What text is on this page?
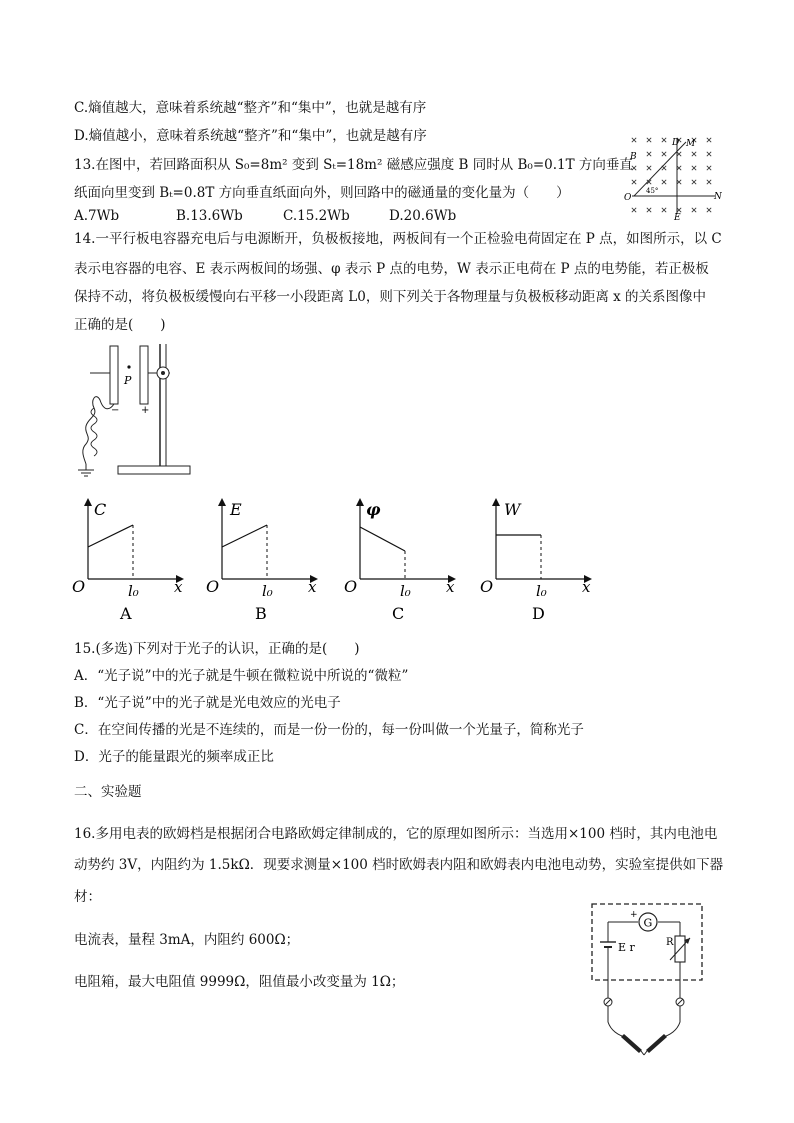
C.熵值越大，意味着系统越“整齐”和“集中”，也就是越有序
D.熵值越小，意味着系统越“整齐”和“集中”，也就是越有序
13.在图中，若回路面积从 S₀=8m² 变到 Sₜ=18m² 磁感应强度 B 同时从 B₀=0.1T 方向垂直
纸面向里变到 Bₜ=0.8T 方向垂直纸面向外，则回路中的磁通量的变化量为（　　）
A.7Wb	B.13.6Wb	C.15.2Wb	D.20.6Wb
B
D M
O	N
E
45°
14.一平行板电容器充电后与电源断开，负极板接地，两板间有一个正检验电荷固定在 P 点，如图所示，以 C
表示电容器的电容、E 表示两板间的场强、φ 表示 P 点的电势，W 表示正电荷在 P 点的电势能，若正极板
保持不动，将负极板缓慢向右平移一小段距离 L0，则下列关于各物理量与负极板移动距离 x 的关系图像中
正确的是(　　)
P
− +
C
O	l₀ x
A
E
O	l₀ x
B
φ
O	l₀ x
C
W
O	l₀ x
D
15.(多选)下列对于光子的认识，正确的是(　　)
A．“光子说”中的光子就是牛顿在微粒说中所说的“微粒”
B．“光子说”中的光子就是光电效应的光电子
C．在空间传播的光是不连续的，而是一份一份的，每一份叫做一个光量子，简称光子
D．光子的能量跟光的频率成正比
二、实验题
16.多用电表的欧姆档是根据闭合电路欧姆定律制成的，它的原理如图所示：当选用×100 档时，其内电池电
动势约 3V，内阻约为 1.5kΩ．现要求测量×100 档时欧姆表内阻和欧姆表内电池电动势，实验室提供如下器
材：
电流表，量程 3mA，内阻约 600Ω；
电阻箱，最大电阻值 9999Ω，阻值最小改变量为 1Ω；
G
+
E r	R
